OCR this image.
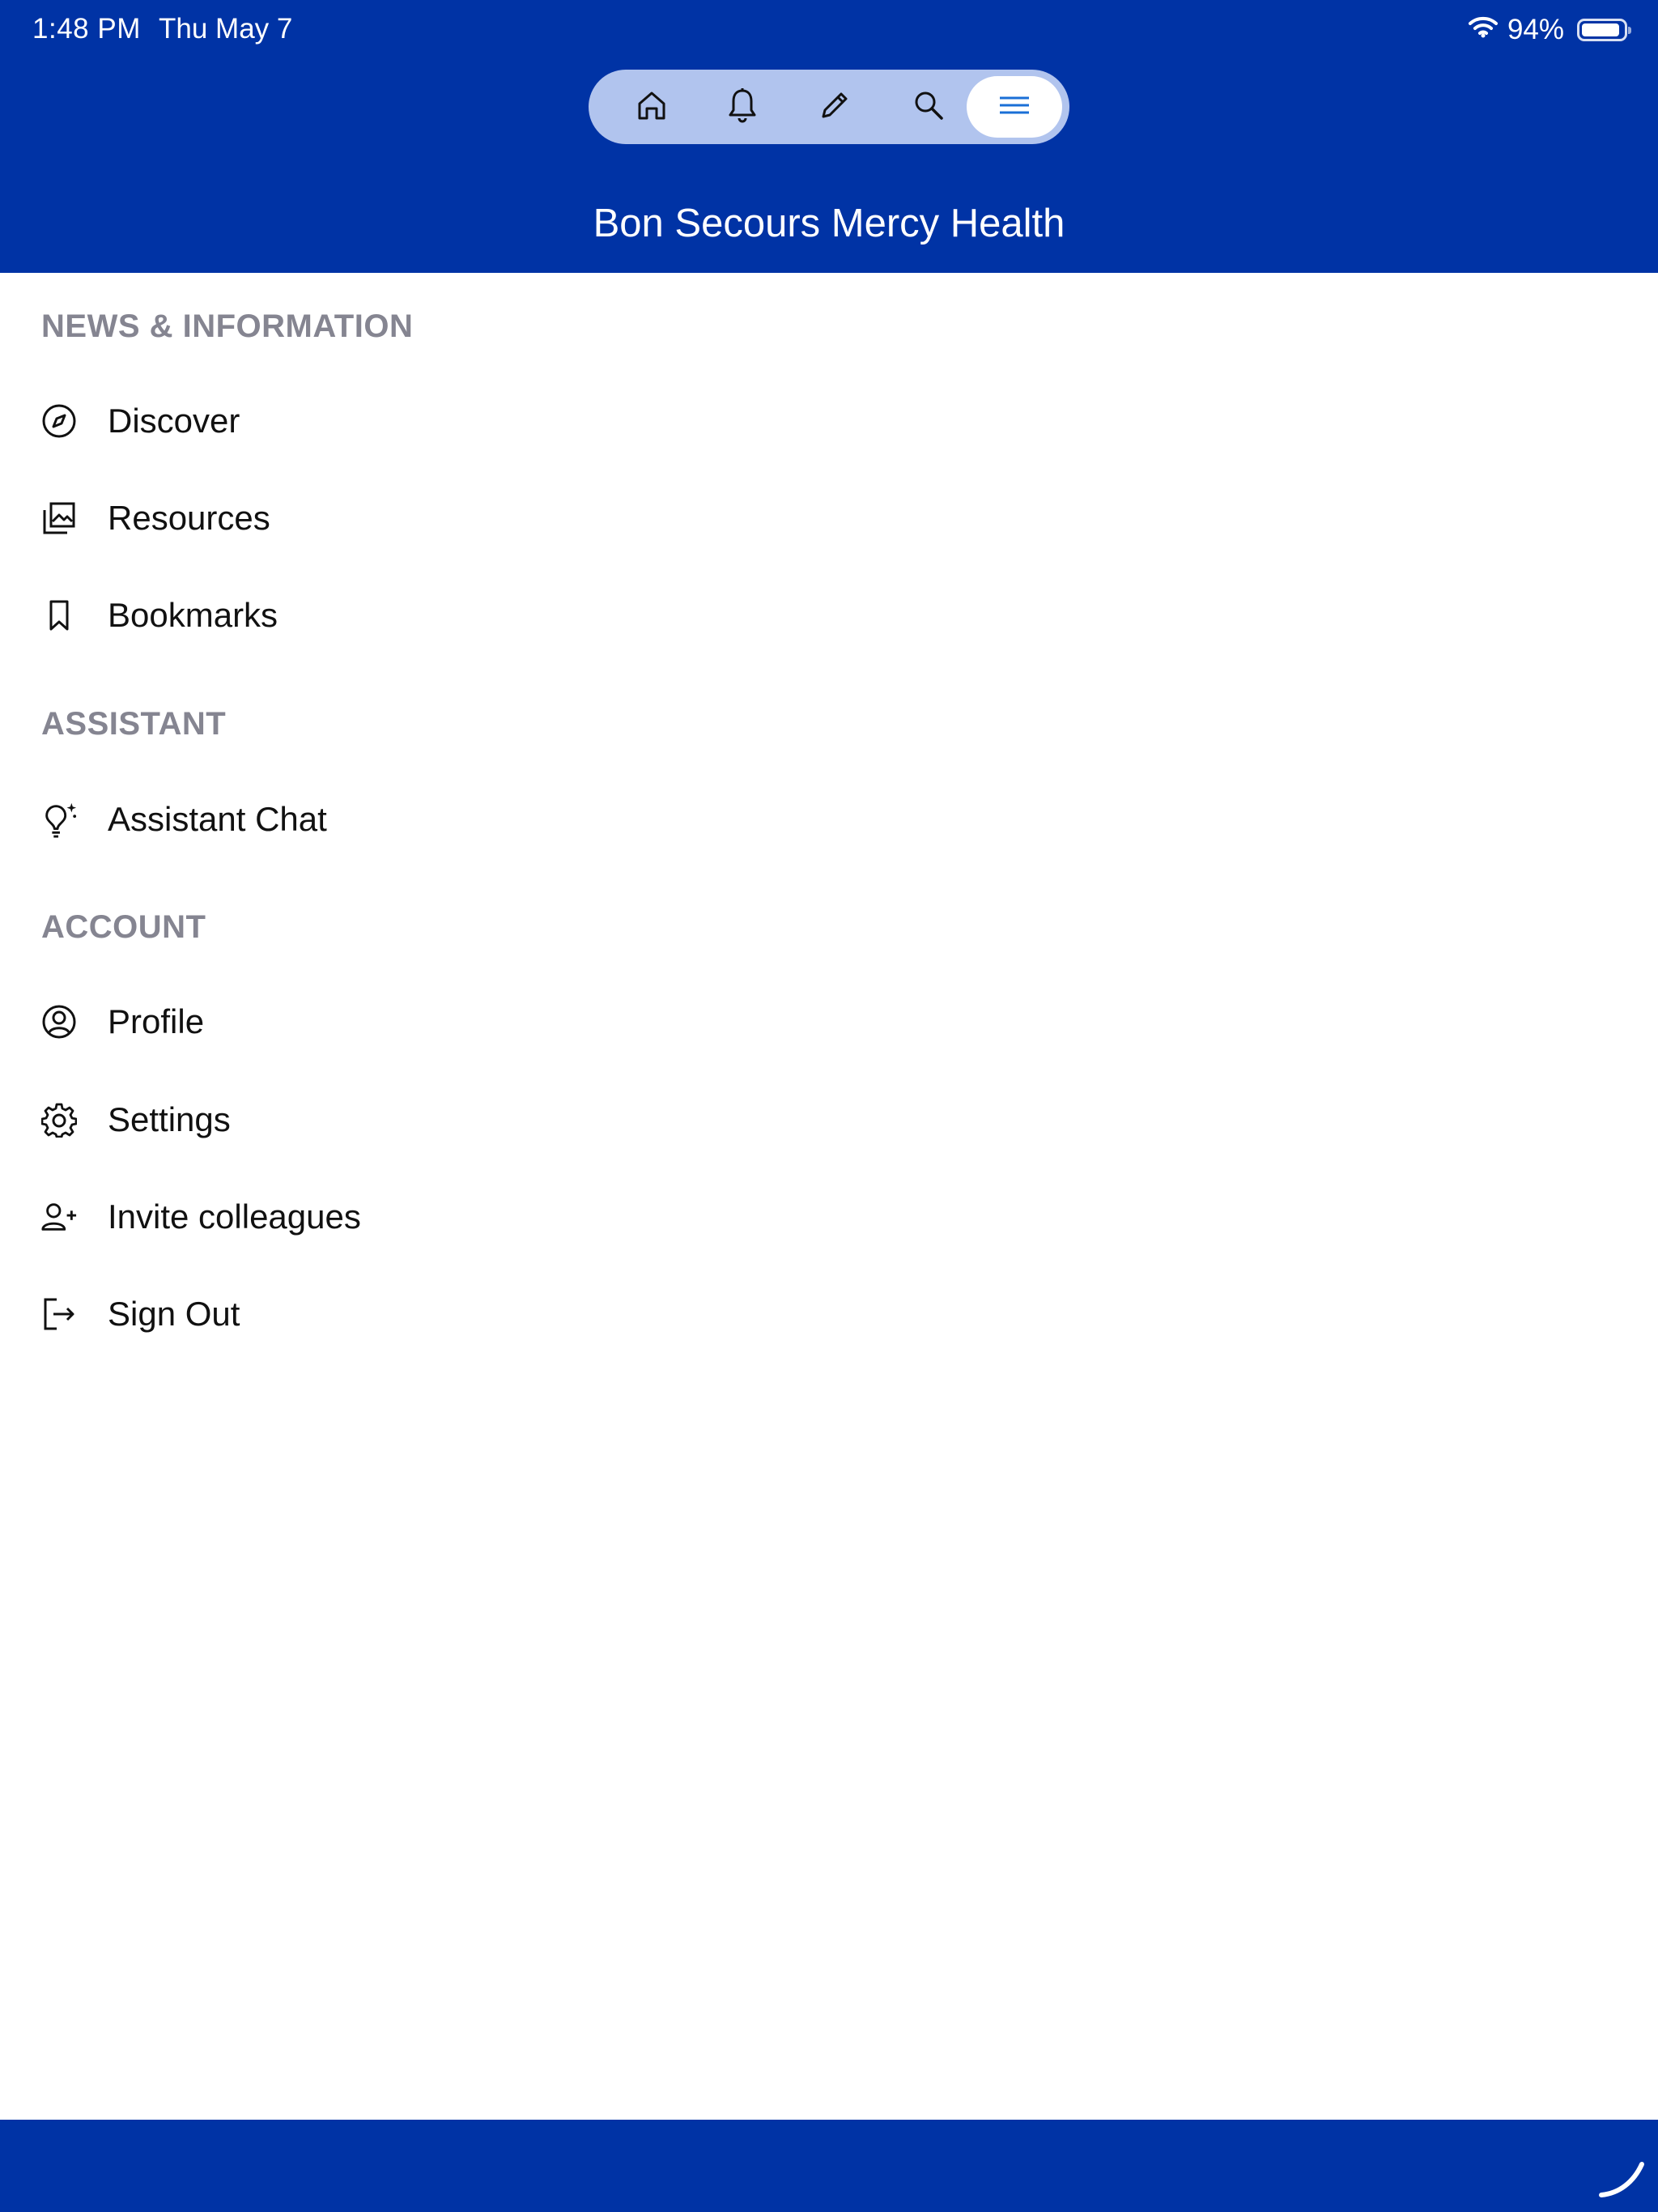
1:48 PM Thu May 7	94%
Bon Secours Mercy Health
NEWS & INFORMATION
Discover
Resources
Bookmarks
ASSISTANT
Assistant Chat
ACCOUNT
Profile
Settings
Invite colleagues
Sign Out
